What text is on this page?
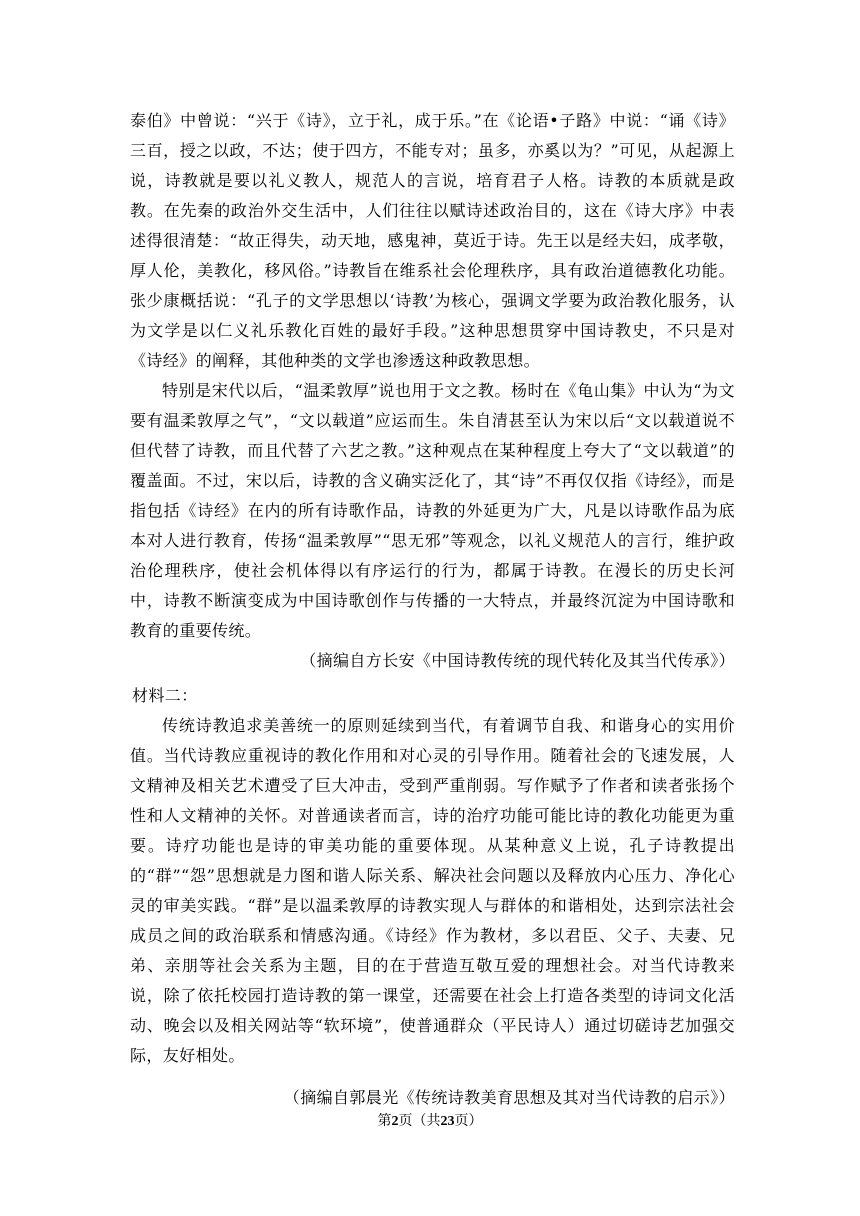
泰伯》中曾说：“兴于《诗》，立于礼，成于乐。”在《论语•子路》中说：“诵《诗》三百，授之以政，不达；使于四方，不能专对；虽多，亦奚以为？”可见，从起源上说，诗教就是要以礼义教人，规范人的言说，培育君子人格。诗教的本质就是政教。在先秦的政治外交生活中，人们往往以赋诗述政治目的，这在《诗大序》中表述得很清楚：“故正得失，动天地，感鬼神，莫近于诗。先王以是经夫妇，成孝敬，厚人伦，美教化，移风俗。”诗教旨在维系社会伦理秩序，具有政治道德教化功能。张少康概括说：“孔子的文学思想以‘诗教’为核心，强调文学要为政治教化服务，认为文学是以仁义礼乐教化百姓的最好手段。”这种思想贯穿中国诗教史，不只是对《诗经》的阐释，其他种类的文学也渗透这种政教思想。

特别是宋代以后，“温柔敦厚”说也用于文之教。杨时在《龟山集》中认为“为文要有温柔敦厚之气”，“文以载道”应运而生。朱自清甚至认为宋以后“文以载道说不但代替了诗教，而且代替了六艺之教。”这种观点在某种程度上夸大了“文以载道”的覆盖面。不过，宋以后，诗教的含义确实泛化了，其“诗”不再仅仅指《诗经》，而是指包括《诗经》在内的所有诗歌作品，诗教的外延更为广大，凡是以诗歌作品为底本对人进行教育，传扬“温柔敦厚”“思无邪”等观念，以礼义规范人的言行，维护政治伦理秩序，使社会机体得以有序运行的行为，都属于诗教。在漫长的历史长河中，诗教不断演变成为中国诗歌创作与传播的一大特点，并最终沉淀为中国诗歌和教育的重要传统。

（摘编自方长安《中国诗教传统的现代转化及其当代传承》）

材料二：

传统诗教追求美善统一的原则延续到当代，有着调节自我、和谐身心的实用价值。当代诗教应重视诗的教化作用和对心灵的引导作用。随着社会的飞速发展，人文精神及相关艺术遭受了巨大冲击，受到严重削弱。写作赋予了作者和读者张扬个性和人文精神的关怀。对普通读者而言，诗的治疗功能可能比诗的教化功能更为重要。诗疗功能也是诗的审美功能的重要体现。从某种意义上说，孔子诗教提出的“群”“怨”思想就是力图和谐人际关系、解决社会问题以及释放内心压力、净化心灵的审美实践。“群”是以温柔敦厚的诗教实现人与群体的和谐相处，达到宗法社会成员之间的政治联系和情感沟通。《诗经》作为教材，多以君臣、父子、夫妻、兄弟、亲朋等社会关系为主题，目的在于营造互敬互爱的理想社会。对当代诗教来说，除了依托校园打造诗教的第一课堂，还需要在社会上打造各类型的诗词文化活动、晚会以及相关网站等“软环境”，使普通群众（平民诗人）通过切磋诗艺加强交际，友好相处。

（摘编自郭晨光《传统诗教美育思想及其对当代诗教的启示》）

第2页（共23页）
